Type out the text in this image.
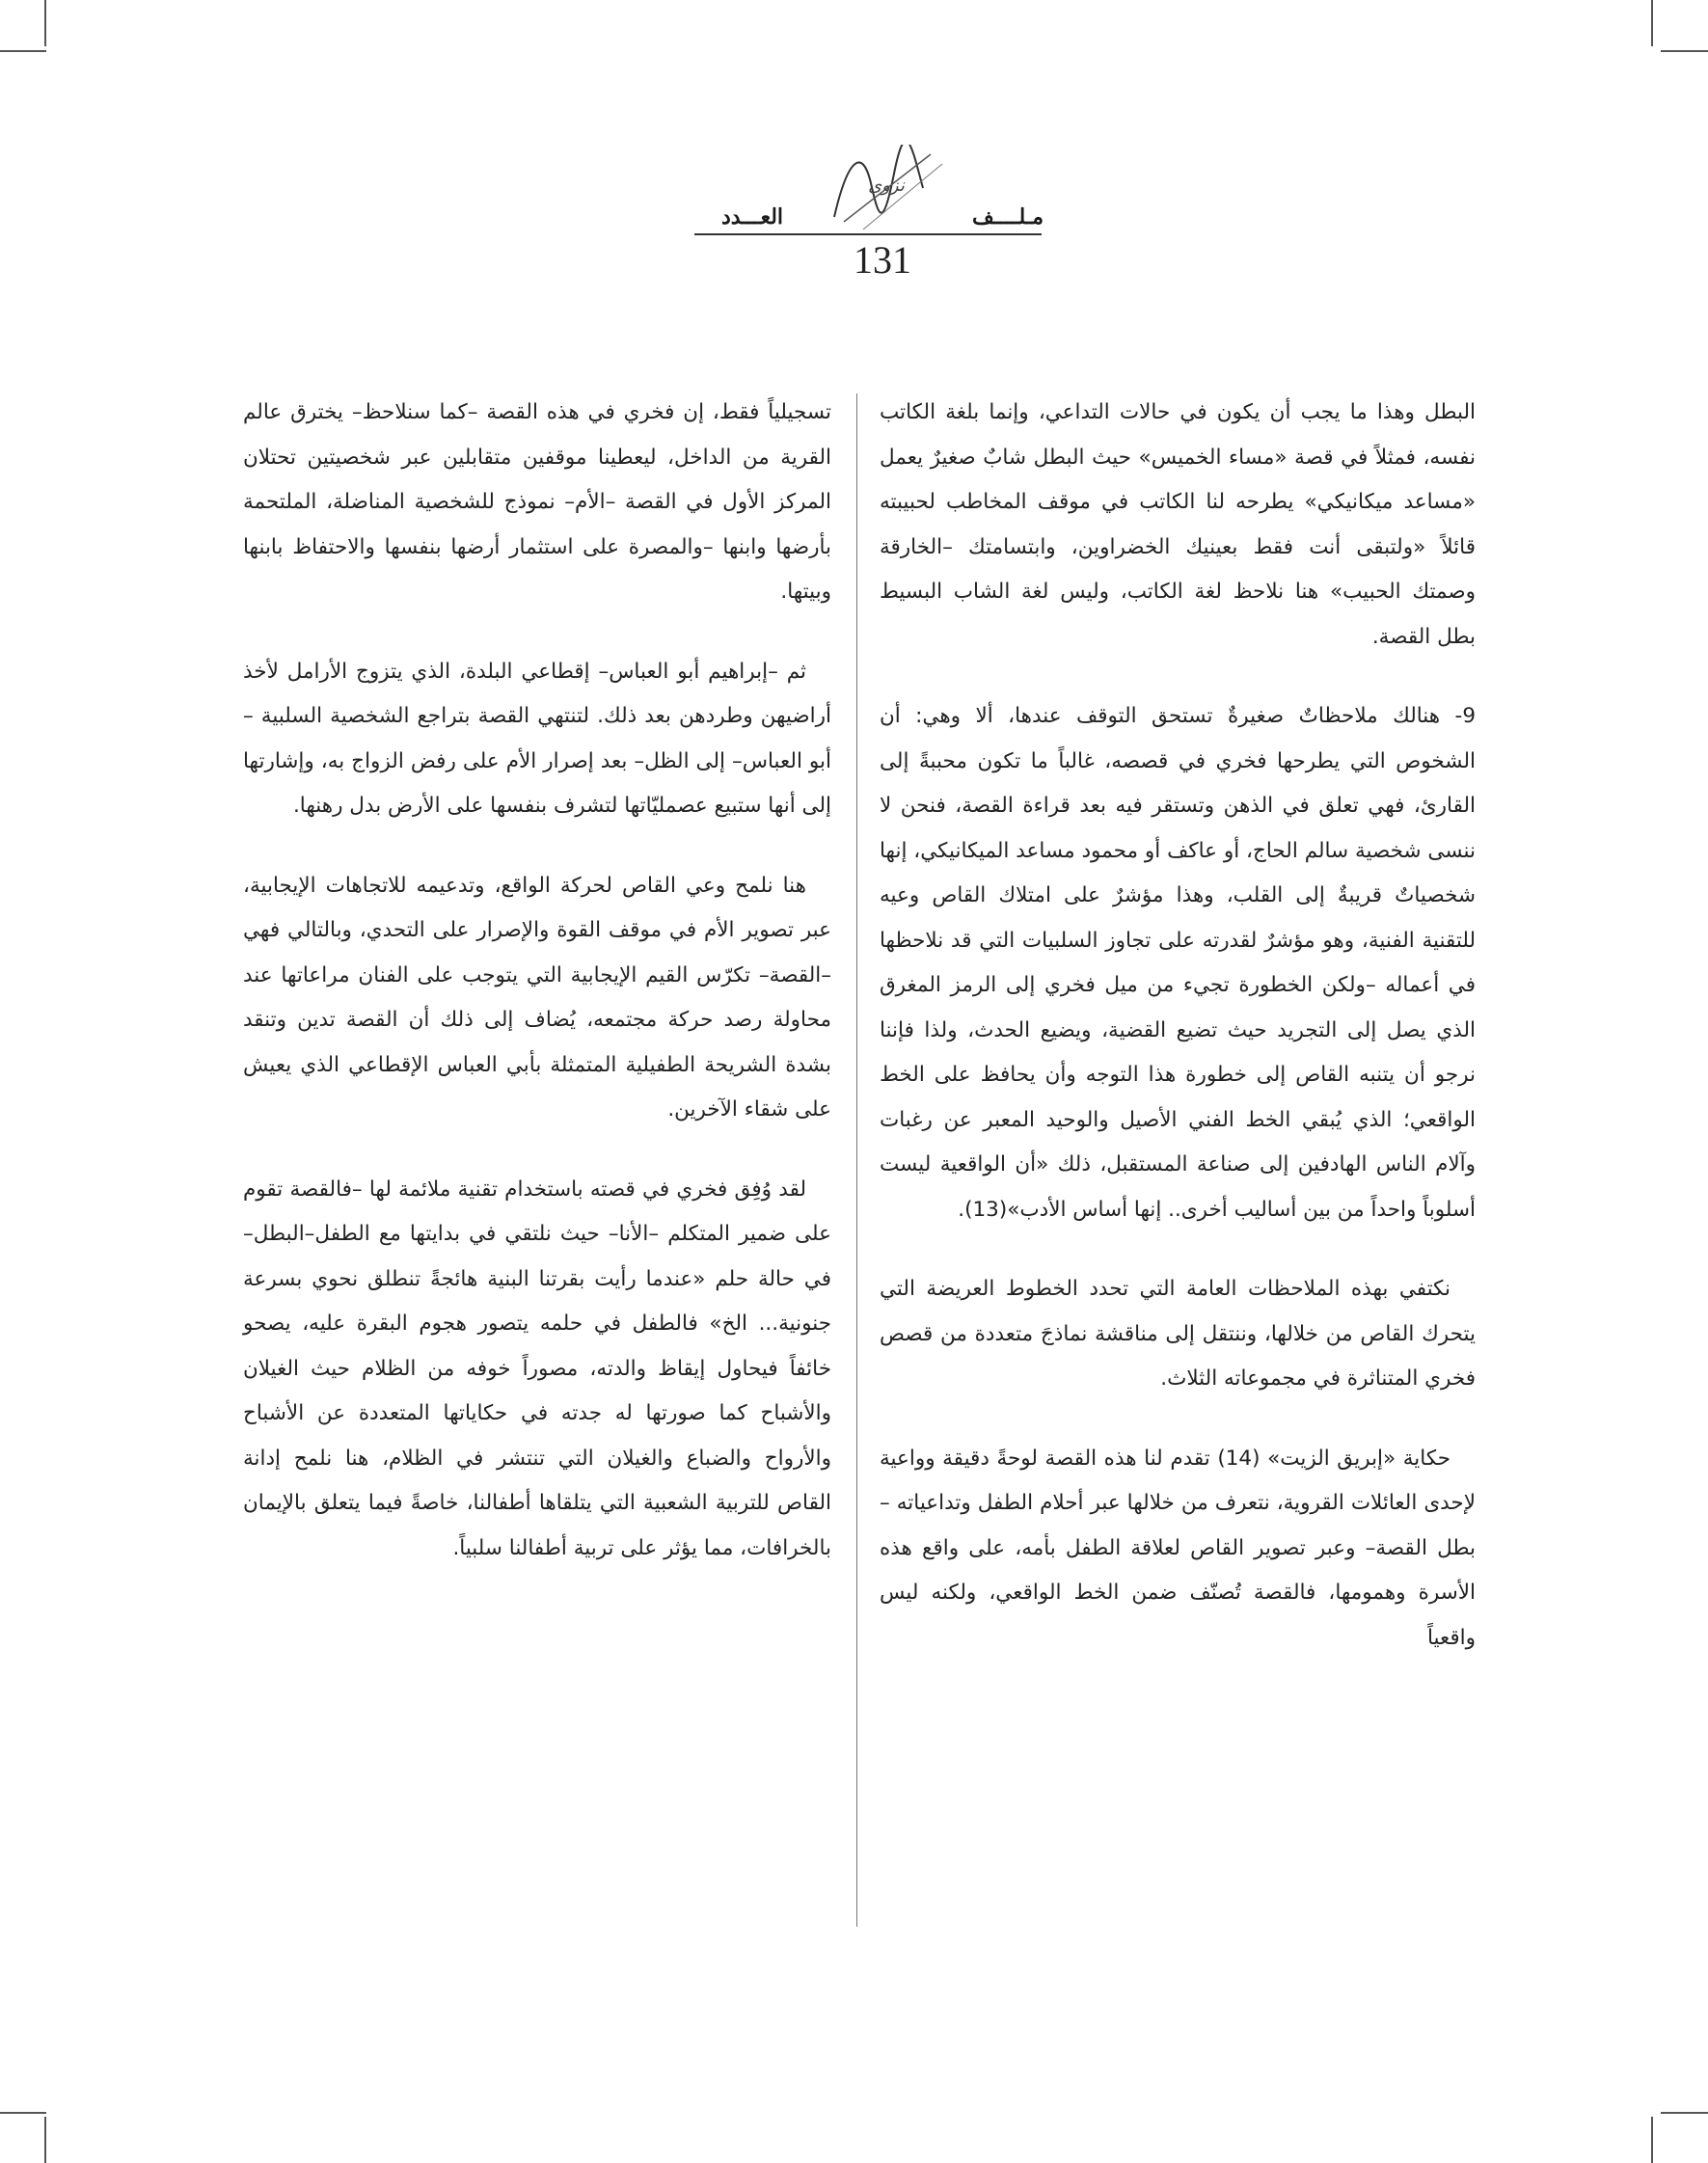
العـــدد
نزوى
مـلــــف
131

البطل وهذا ما يجب أن يكون في حالات التداعي، وإنما بلغة الكاتب نفسه، فمثلاً في قصة «مساء الخميس» حيث البطل شابٌ صغيرٌ يعمل «مساعد ميكانيكي» يطرحه لنا الكاتب في موقف المخاطب لحبيبته قائلاً «ولتبقى أنت فقط بعينيك الخضراوين، وابتسامتك –الخارقة وصمتك الحبيب» هنا نلاحظ لغة الكاتب، وليس لغة الشاب البسيط بطل القصة.

9- هنالك ملاحظاتٌ صغيرةٌ تستحق التوقف عندها، ألا وهي: أن الشخوص التي يطرحها فخري في قصصه، غالباً ما تكون محببةً إلى القارئ، فهي تعلق في الذهن وتستقر فيه بعد قراءة القصة، فنحن لا ننسى شخصية سالم الحاج، أو عاكف أو محمود مساعد الميكانيكي، إنها شخصياتٌ قريبةٌ إلى القلب، وهذا مؤشرٌ على امتلاك القاص وعيه للتقنية الفنية، وهو مؤشرٌ لقدرته على تجاوز السلبيات التي قد نلاحظها في أعماله –ولكن الخطورة تجيء من ميل فخري إلى الرمز المغرق الذي يصل إلى التجريد حيث تضيع القضية، ويضيع الحدث، ولذا فإننا نرجو أن يتنبه القاص إلى خطورة هذا التوجه وأن يحافظ على الخط الواقعي؛ الذي يُبقي الخط الفني الأصيل والوحيد المعبر عن رغبات وآلام الناس الهادفين إلى صناعة المستقبل، ذلك «أن الواقعية ليست أسلوباً واحداً من بين أساليب أخرى.. إنها أساس الأدب»(13).

نكتفي بهذه الملاحظات العامة التي تحدد الخطوط العريضة التي يتحرك القاص من خلالها، وننتقل إلى مناقشة نماذجَ متعددة من قصص فخري المتناثرة في مجموعاته الثلاث.

حكاية «إبريق الزيت» (14) تقدم لنا هذه القصة لوحةً دقيقة وواعية لإحدى العائلات القروية، نتعرف من خلالها عبر أحلام الطفل وتداعياته –بطل القصة– وعبر تصوير القاص لعلاقة الطفل بأمه، على واقع هذه الأسرة وهمومها، فالقصة تُصنّف ضمن الخط الواقعي، ولكنه ليس واقعياً

تسجيلياً فقط، إن فخري في هذه القصة –كما سنلاحظ– يخترق عالم القرية من الداخل، ليعطينا موقفين متقابلين عبر شخصيتين تحتلان المركز الأول في القصة –الأم– نموذج للشخصية المناضلة، الملتحمة بأرضها وابنها –والمصرة على استثمار أرضها بنفسها والاحتفاظ بابنها وبيتها.

ثم –إبراهيم أبو العباس– إقطاعي البلدة، الذي يتزوج الأرامل لأخذ أراضيهن وطردهن بعد ذلك. لتنتهي القصة بتراجع الشخصية السلبية –أبو العباس– إلى الظل– بعد إصرار الأم على رفض الزواج به، وإشارتها إلى أنها ستبيع عصمليّاتها لتشرف بنفسها على الأرض بدل رهنها.

هنا نلمح وعي القاص لحركة الواقع، وتدعيمه للاتجاهات الإيجابية، عبر تصوير الأم في موقف القوة والإصرار على التحدي، وبالتالي فهي –القصة– تكرّس القيم الإيجابية التي يتوجب على الفنان مراعاتها عند محاولة رصد حركة مجتمعه، يُضاف إلى ذلك أن القصة تدين وتنقد بشدة الشريحة الطفيلية المتمثلة بأبي العباس الإقطاعي الذي يعيش على شقاء الآخرين.

لقد وُفِق فخري في قصته باستخدام تقنية ملائمة لها –فالقصة تقوم على ضمير المتكلم –الأنا– حيث نلتقي في بدايتها مع الطفل–البطل– في حالة حلم «عندما رأيت بقرتنا البنية هائجةً تنطلق نحوي بسرعة جنونية... الخ» فالطفل في حلمه يتصور هجوم البقرة عليه، يصحو خائفاً فيحاول إيقاظ والدته، مصوراً خوفه من الظلام حيث الغيلان والأشباح كما صورتها له جدته في حكاياتها المتعددة عن الأشباح والأرواح والضباع والغيلان التي تنتشر في الظلام، هنا نلمح إدانة القاص للتربية الشعبية التي يتلقاها أطفالنا، خاصةً فيما يتعلق بالإيمان بالخرافات، مما يؤثر على تربية أطفالنا سلبياً.
